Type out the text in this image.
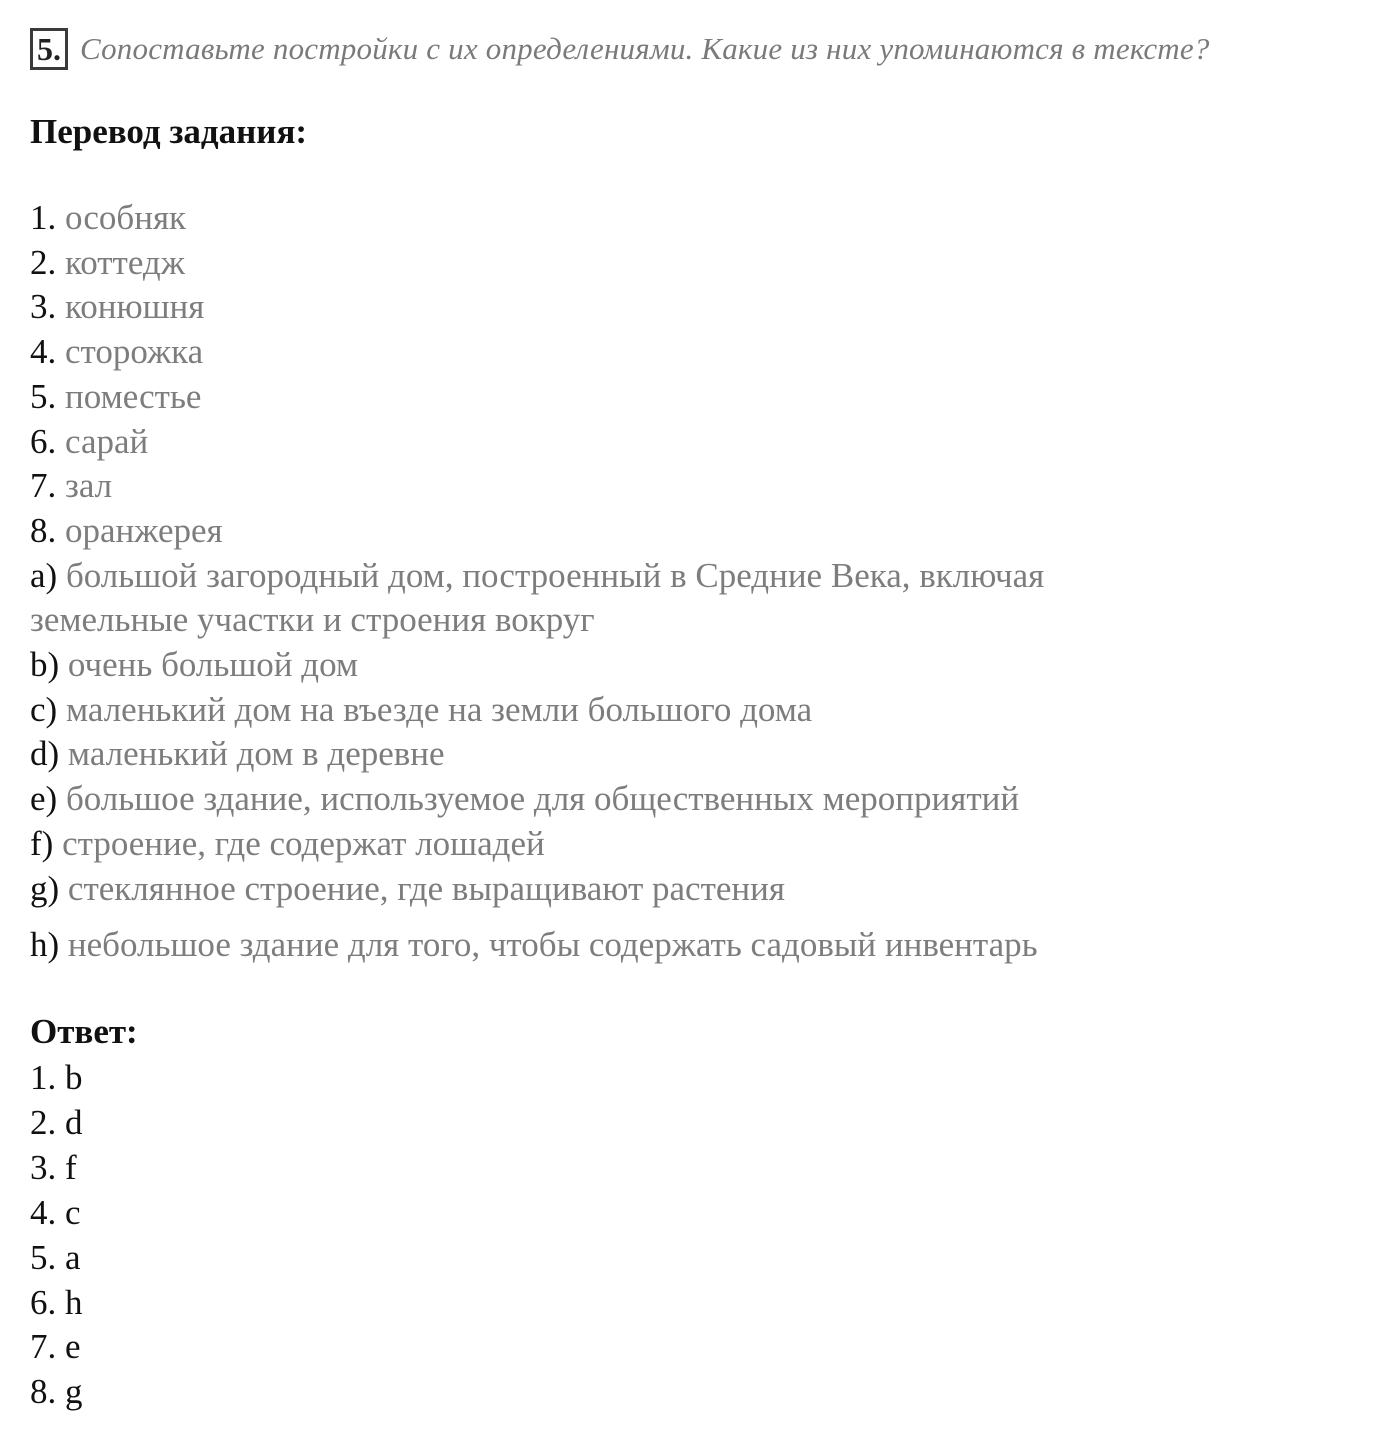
5. Сопоставьте постройки с их определениями. Какие из них упоминаются в тексте?
Перевод задания:
1. особняк
2. коттедж
3. конюшня
4. сторожка
5. поместье
6. сарай
7. зал
8. оранжерея
a) большой загородный дом, построенный в Средние Века, включая
земельные участки и строения вокруг
b) очень большой дом
c) маленький дом на въезде на земли большого дома
d) маленький дом в деревне
e) большое здание, используемое для общественных мероприятий
f) строение, где содержат лошадей
g) стеклянное строение, где выращивают растения
h) небольшое здание для того, чтобы содержать садовый инвентарь
Ответ:
1. b
2. d
3. f
4. c
5. a
6. h
7. e
8. g
